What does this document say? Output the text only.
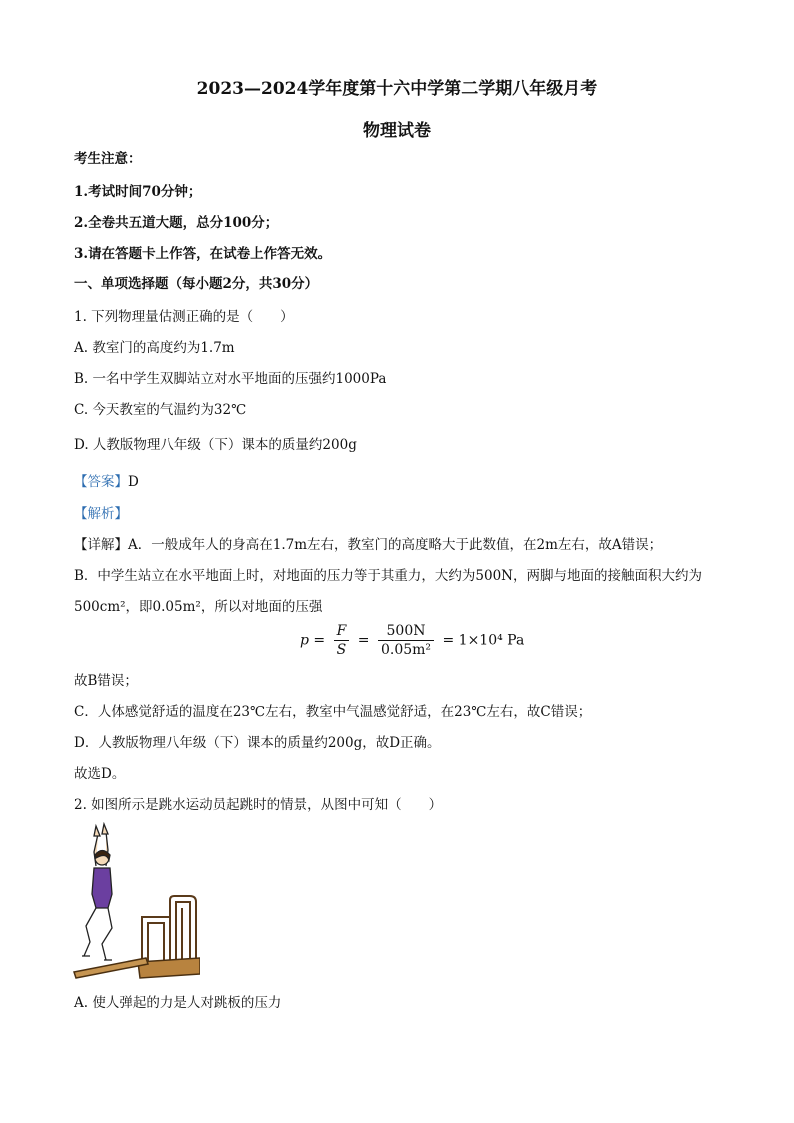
2023—2024学年度第十六中学第二学期八年级月考
物理试卷
考生注意：
1.考试时间70分钟；
2.全卷共五道大题，总分100分；
3.请在答题卡上作答，在试卷上作答无效。
一、单项选择题（每小题2分，共30分）
1. 下列物理量估测正确的是（　　）
A. 教室门的高度约为1.7m
B. 一名中学生双脚站立对水平地面的压强约1000Pa
C. 今天教室的气温约为32℃
D. 人教版物理八年级（下）课本的质量约200g
【答案】D
【解析】
【详解】A．一般成年人的身高在1.7m左右，教室门的高度略大于此数值，在2m左右，故A错误；
B．中学生站立在水平地面上时，对地面的压力等于其重力，大约为500N，两脚与地面的接触面积大约为
500cm²，即0.05m²，所以对地面的压强
$p = \frac{F}{S} = \frac{500N}{\text{0.05m²}} = 1\times 10^4$ Pa
故B错误；
C．人体感觉舒适的温度在23℃左右，教室中气温感觉舒适，在23℃左右，故C错误；
D．人教版物理八年级（下）课本的质量约200g，故D正确。
故选D。
2. 如图所示是跳水运动员起跳时的情景，从图中可知（　　）
A. 使人弹起的力是人对跳板的压力
